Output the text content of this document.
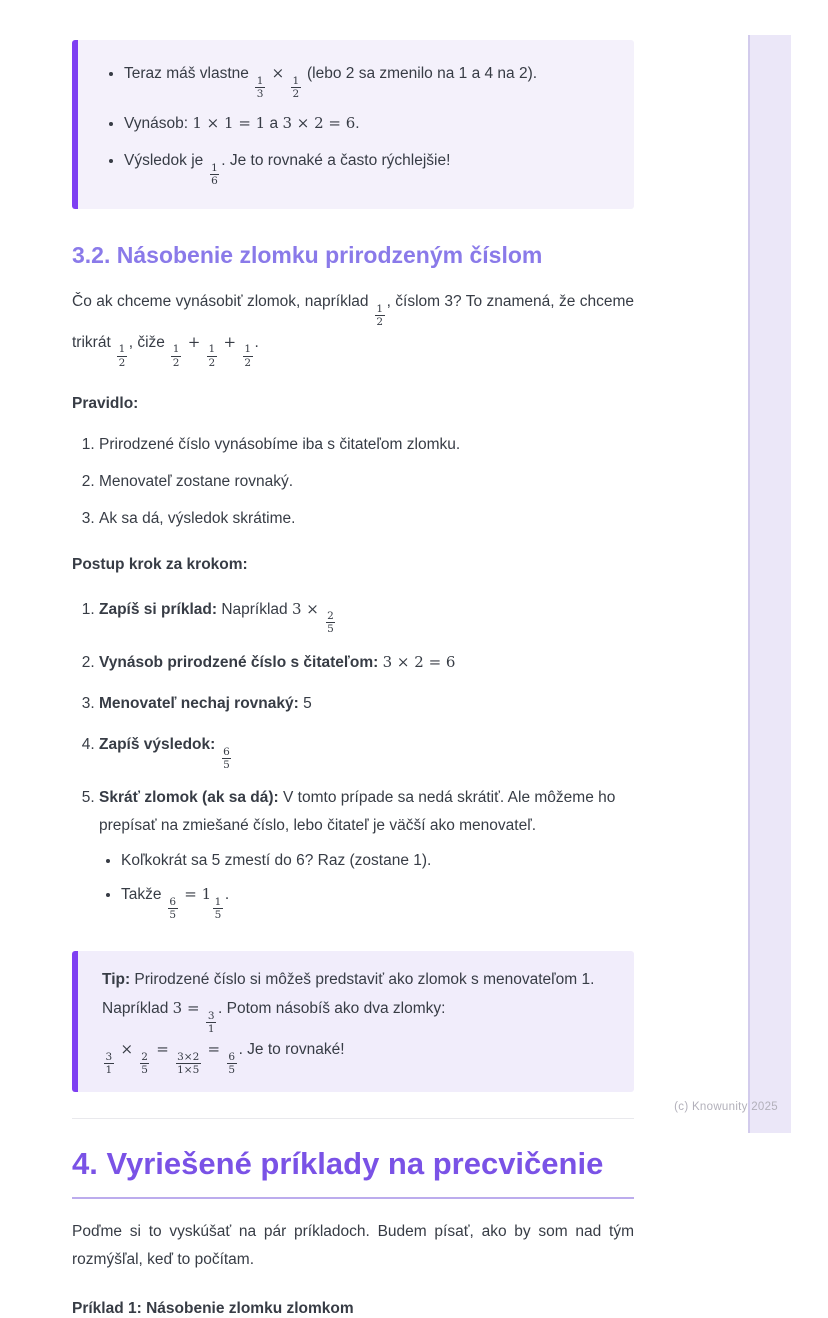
• Teraz máš vlastne
$\frac{1}{3}$
×
$\frac{1}{2}$
(lebo 2 sa zmenilo na 1 a 4 na 2).
• Vynásob: 1 × 1 = 1 a 3 × 2 = 6.
• Výsledok je
$\frac{1}{6}$
. Je to rovnaké a často rýchlejšie!
3.2. Násobenie zlomku prirodzeným číslom
Čo ak chceme vynásobiť zlomok, napríklad
$\frac{1}{2}$
, číslom 3? To znamená, že chceme trikrát
$\frac{1}{2}$
, čiže
$\frac{1}{2}$
+
$\frac{1}{2}$
+
$\frac{1}{2}$
.
Pravidlo:
1. Prirodzené číslo vynásobíme iba s čitateľom zlomku.
2. Menovateľ zostane rovnaký.
3. Ak sa dá, výsledok skrátime.
Postup krok za krokom:
1. Zapíš si príklad: Napríklad 3 ×
$\frac{2}{5}$
2. Vynásob prirodzené číslo s čitateľom: 3 × 2 = 6
3. Menovateľ nechaj rovnaký: 5
4. Zapíš výsledok:
$\frac{6}{5}$
5. Skráť zlomok (ak sa dá): V tomto prípade sa nedá skrátiť. Ale môžeme ho prepísať na zmiešané číslo, lebo čitateľ je väčší ako menovateľ.
• Koľkokrát sa 5 zmestí do 6? Raz (zostane 1).
• Takže
$\frac{6}{5}$
= 1
$\frac{1}{5}$
.
Tip: Prirodzené číslo si môžeš predstaviť ako zlomok s menovateľom 1.
Napríklad 3 =
$\frac{3}{1}$
. Potom násobíš ako dva zlomky:
$\frac{3}{1}$
×
$\frac{2}{5}$
=
$\frac{3\times 2}{1\times 5}$
=
$\frac{6}{5}$
. Je to rovnaké!
4. Vyriešené príklady na precvičenie
Poďme si to vyskúšať na pár príkladoch. Budem písať, ako by som nad tým rozmýšľal, keď to počítam.
Príklad 1: Násobenie zlomku zlomkom
(c) Knowunity 2025
